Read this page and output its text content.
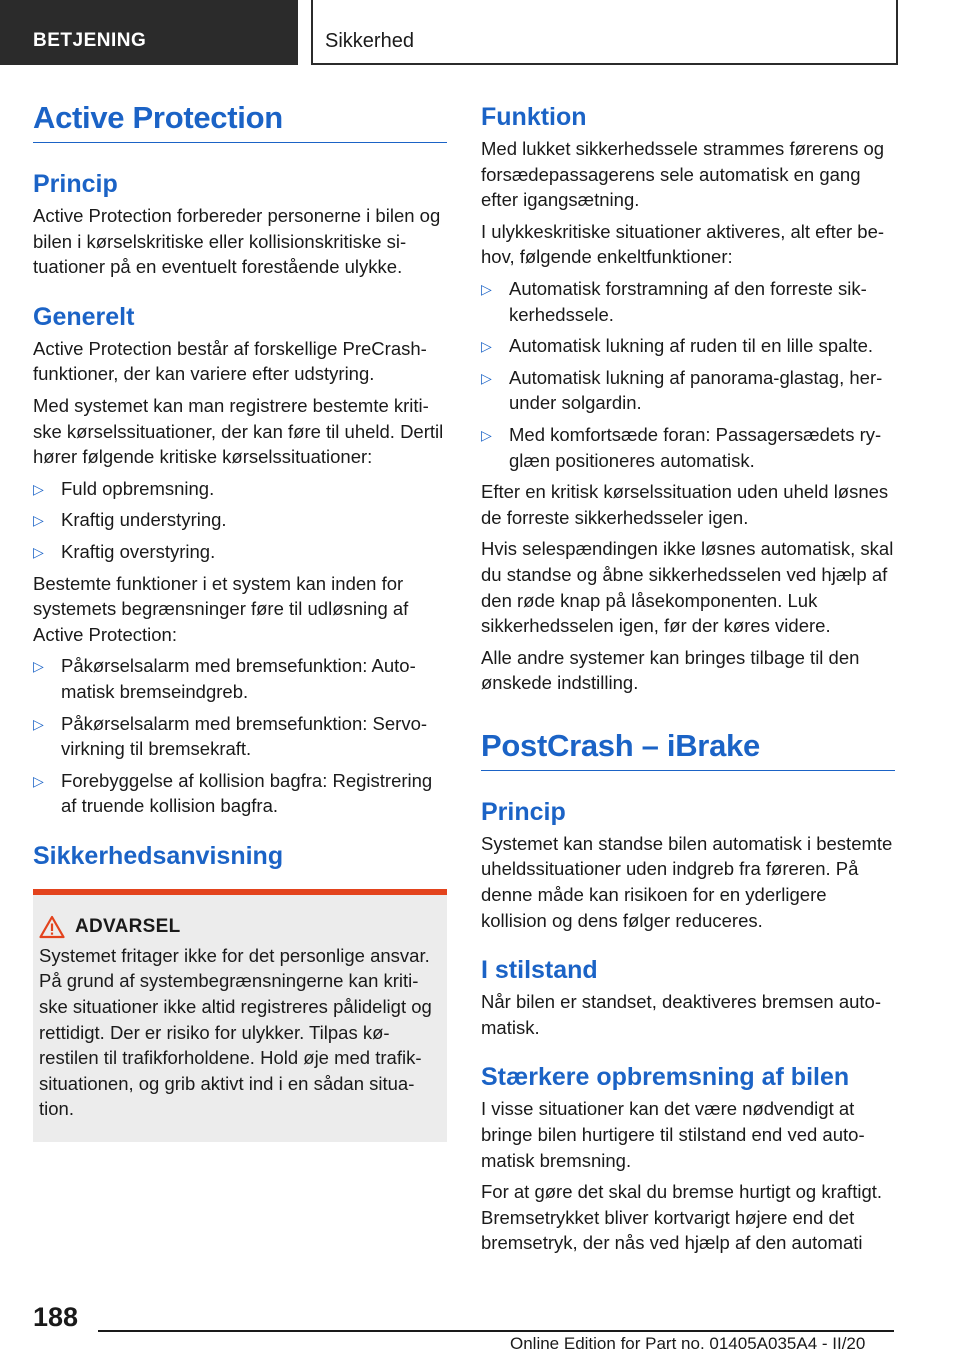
BETJENING	Sikkerhed
Active Protection
Princip

Active Protection forbereder personerne i bilen og bilen i kørselskritiske eller kollisionskritiske situationer på en eventuelt forestående ulykke.

Generelt

Active Protection består af forskellige PreCrash-funktioner, der kan variere efter udstyring.

Med systemet kan man registrere bestemte kritiske kørselssituationer, der kan føre til uheld. Dertil hører følgende kritiske kørselssituationer:

▷ Fuld opbremsning.
▷ Kraftig understyring.
▷ Kraftig overstyring.

Bestemte funktioner i et system kan inden for systemets begrænsninger føre til udløsning af Active Protection:

▷ Påkørselsalarm med bremsefunktion: Automatisk bremseindgreb.
▷ Påkørselsalarm med bremsefunktion: Servovirkning til bremsekraft.
▷ Forebyggelse af kollision bagfra: Registrering af truende kollision bagfra.
Sikkerhedsanvisning
ADVARSEL

Systemet fritager ikke for det personlige ansvar. På grund af systembegrænsningerne kan kritiske situationer ikke altid registreres pålideligt og rettidigt. Der er risiko for ulykker. Tilpas kørestilen til trafikforholdene. Hold øje med trafiksituationen, og grib aktivt ind i en sådan situation.

Funktion

Med lukket sikkerhedssele strammes førerens og forsædepassagerens sele automatisk en gang efter igangsætning.

I ulykkeskritiske situationer aktiveres, alt efter behov, følgende enkeltfunktioner:

▷ Automatisk forstramning af den forreste sikkerhedssele.
▷ Automatisk lukning af ruden til en lille spalte.
▷ Automatisk lukning af panorama-glastag, herunder solgardin.
▷ Med komfortsæde foran: Passagersædets ryglæn positioneres automatisk.

Efter en kritisk kørselssituation uden uheld løsnes de forreste sikkerhedsseler igen.

Hvis selespændingen ikke løsnes automatisk, skal du standse og åbne sikkerhedsselen ved hjælp af den røde knap på låsekomponenten. Luk sikkerhedsselen igen, før der køres videre.

Alle andre systemer kan bringes tilbage til den ønskede indstilling.

PostCrash – iBrake
Princip

Systemet kan standse bilen automatisk i bestemte uheldssituationer uden indgreb fra føreren. På denne måde kan risikoen for en yderligere kollision og dens følger reduceres.

I stilstand

Når bilen er standset, deaktiveres bremsen automatisk.

Stærkere opbremsning af bilen

I visse situationer kan det være nødvendigt at bringe bilen hurtigere til stilstand end ved automatisk bremsning.

For at gøre det skal du bremse hurtigt og kraftigt. Bremsetrykket bliver kortvarigt højere end det bremsetryk, der nås ved hjælp af den automati

188
Online Edition for Part no. 01405A035A4 - II/20
